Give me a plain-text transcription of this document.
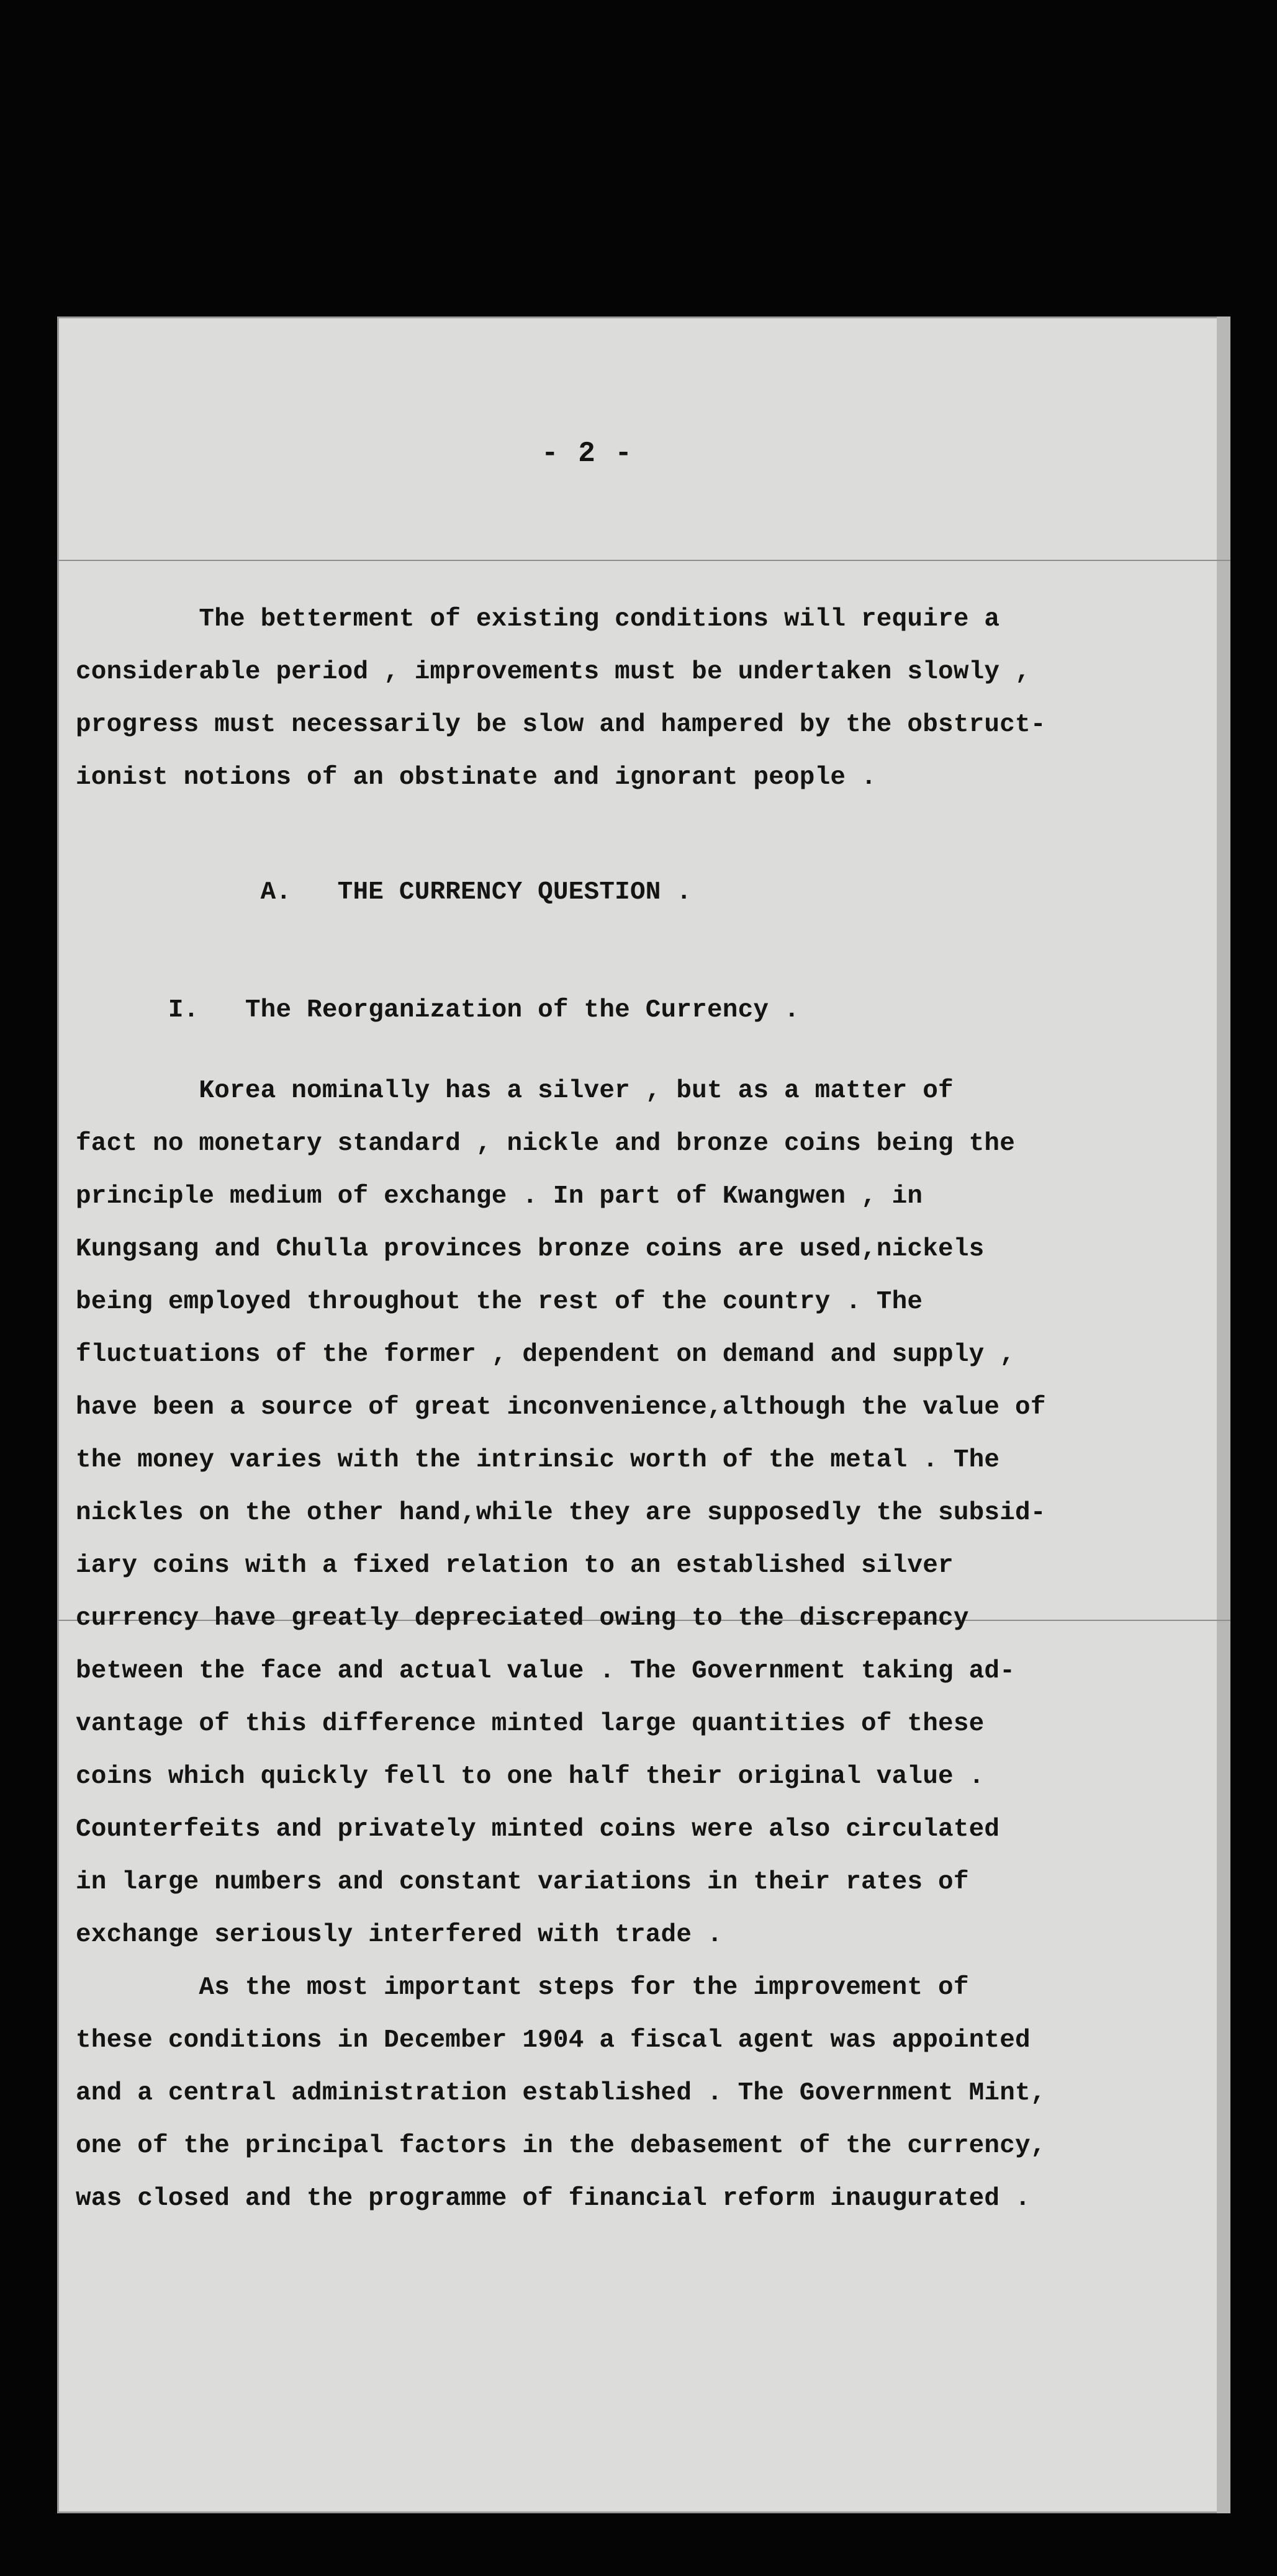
- 2 -
The betterment of existing conditions will require a
considerable period , improvements must be undertaken slowly ,
progress must necessarily be slow and hampered by the obstruct-
ionist notions of an obstinate and ignorant people .
A.   THE CURRENCY QUESTION .
I.   The Reorganization of the Currency .
Korea nominally has a silver , but as a matter of
fact no monetary standard , nickle and bronze coins being the
principle medium of exchange . In part of Kwangwen , in
Kungsang and Chulla provinces bronze coins are used,nickels
being employed throughout the rest of the country . The
fluctuations of the former , dependent on demand and supply ,
have been a source of great inconvenience,although the value of
the money varies with the intrinsic worth of the metal . The
nickles on the other hand,while they are supposedly the subsid-
iary coins with a fixed relation to an established silver
currency have greatly depreciated owing to the discrepancy
between the face and actual value . The Government taking ad-
vantage of this difference minted large quantities of these
coins which quickly fell to one half their original value .
Counterfeits and privately minted coins were also circulated
in large numbers and constant variations in their rates of
exchange seriously interfered with trade .
As the most important steps for the improvement of
these conditions in December 1904 a fiscal agent was appointed
and a central administration established . The Government Mint,
one of the principal factors in the debasement of the currency,
was closed and the programme of financial reform inaugurated .
